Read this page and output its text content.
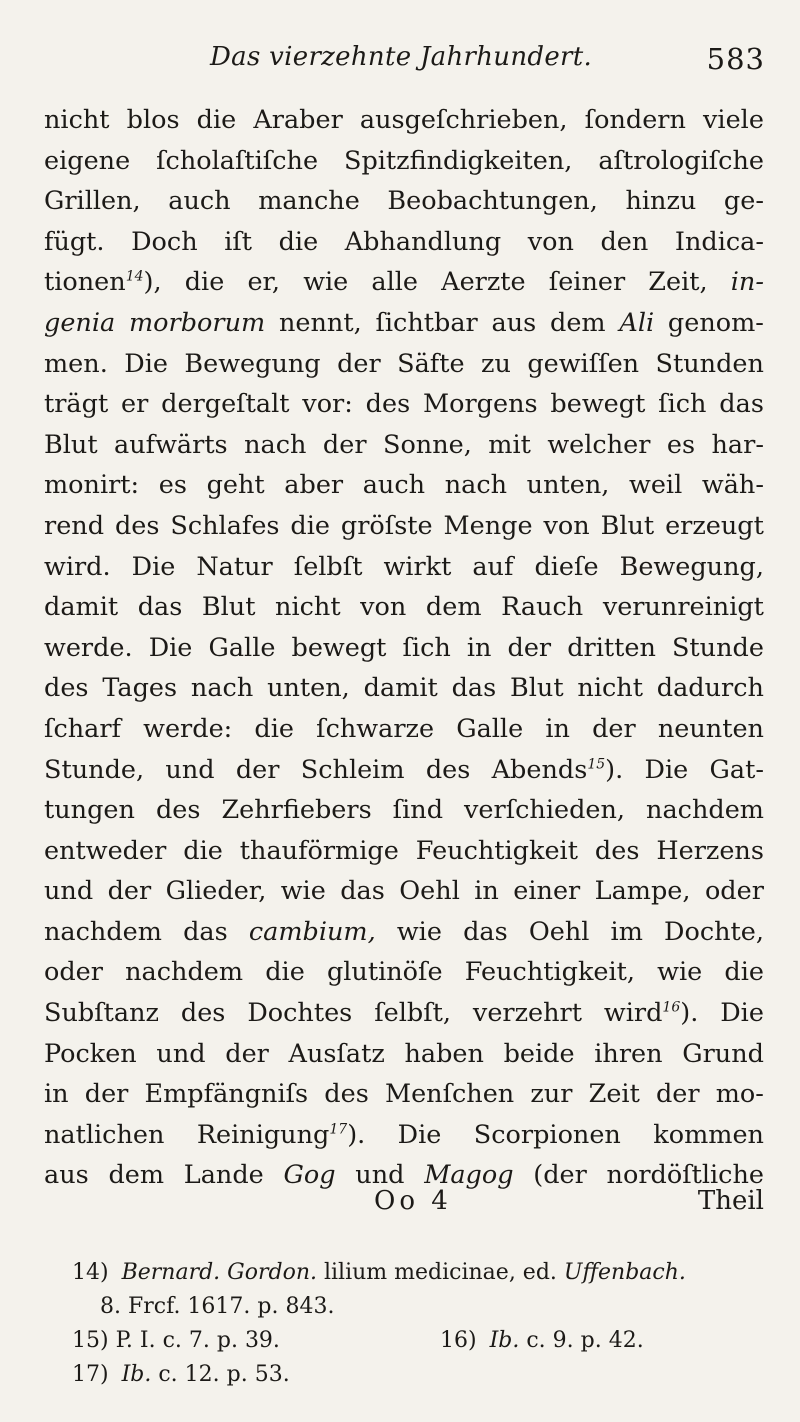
Das vierzehnte Jahrhundert.	583
nicht blos die Araber ausgeſchrieben, ſondern viele
eigene ſcholaſtiſche Spitzfindigkeiten, aſtrologiſche
Grillen, auch manche Beobachtungen, hinzu ge-
fügt. Doch iſt die Abhandlung von den Indica-
tionen$^{14}$), die er, wie alle Aerzte ſeiner Zeit, in-
genia morborum nennt, ſichtbar aus dem Ali genom-
men. Die Bewegung der Säfte zu gewiſſen Stunden
trägt er dergeſtalt vor: des Morgens bewegt ſich das
Blut aufwärts nach der Sonne, mit welcher es har-
monirt: es geht aber auch nach unten, weil wäh-
rend des Schlafes die gröſste Menge von Blut erzeugt
wird. Die Natur ſelbſt wirkt auf dieſe Bewegung,
damit das Blut nicht von dem Rauch verunreinigt
werde. Die Galle bewegt ſich in der dritten Stunde
des Tages nach unten, damit das Blut nicht dadurch
ſcharf werde: die ſchwarze Galle in der neunten
Stunde, und der Schleim des Abends$^{15}$). Die Gat-
tungen des Zehrfiebers ſind verſchieden, nachdem
entweder die thauförmige Feuchtigkeit des Herzens
und der Glieder, wie das Oehl in einer Lampe, oder
nachdem das cambium, wie das Oehl im Dochte,
oder nachdem die glutinöſe Feuchtigkeit, wie die
Subſtanz des Dochtes ſelbſt, verzehrt wird$^{16}$). Die
Pocken und der Ausſatz haben beide ihren Grund
in der Empfängniſs des Menſchen zur Zeit der mo-
natlichen Reinigung$^{17}$). Die Scorpionen kommen
aus dem Lande Gog und Magog (der nordöſtliche
Oo 4	Theil
14) Bernard. Gordon. lilium medicinae, ed. Uffenbach.
8. Frcf. 1617. p. 843.
15) P. I. c. 7. p. 39.	16) Ib. c. 9. p. 42.
17) Ib. c. 12. p. 53.
